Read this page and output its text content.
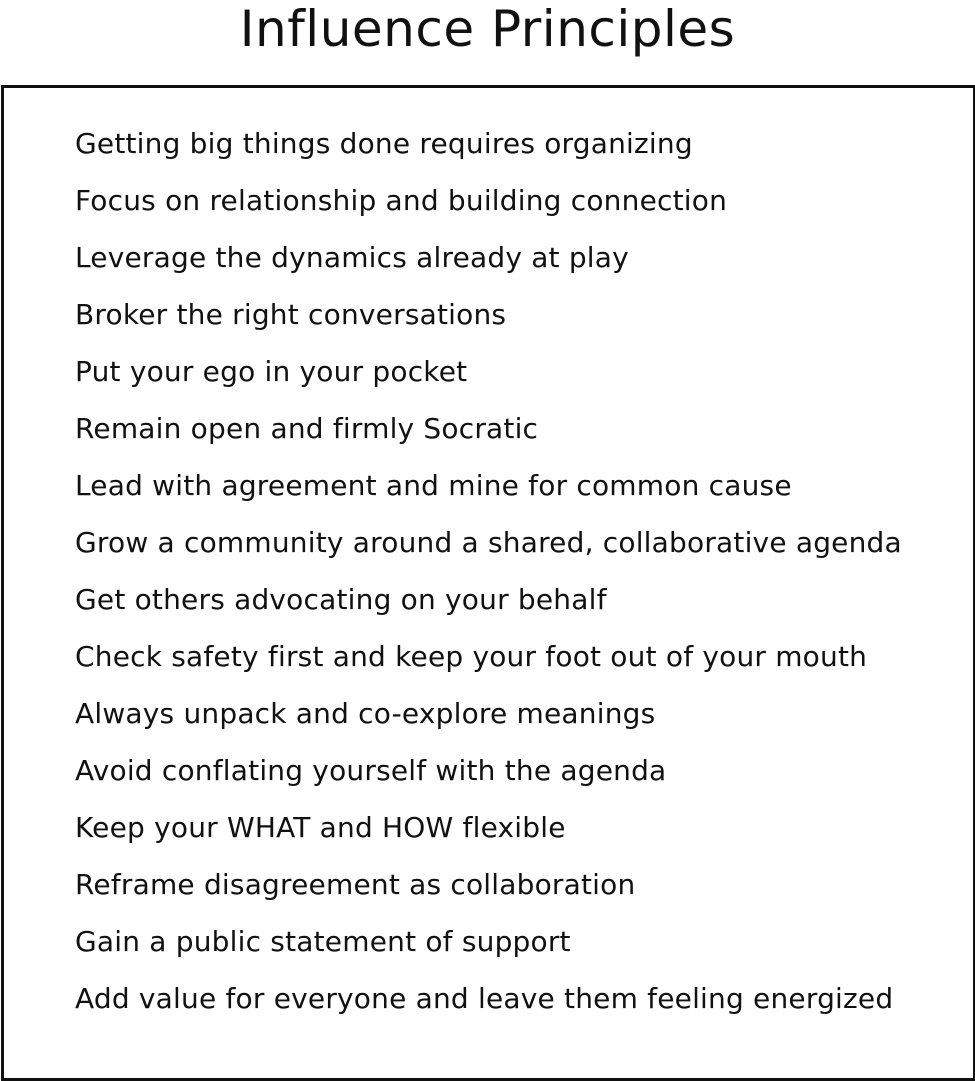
Influence Principles
Getting big things done requires organizing
Focus on relationship and building connection
Leverage the dynamics already at play
Broker the right conversations
Put your ego in your pocket
Remain open and firmly Socratic
Lead with agreement and mine for common cause
Grow a community around a shared, collaborative agenda
Get others advocating on your behalf
Check safety first and keep your foot out of your mouth
Always unpack and co-explore meanings
Avoid conflating yourself with the agenda
Keep your WHAT and HOW flexible
Reframe disagreement as collaboration
Gain a public statement of support
Add value for everyone and leave them feeling energized
